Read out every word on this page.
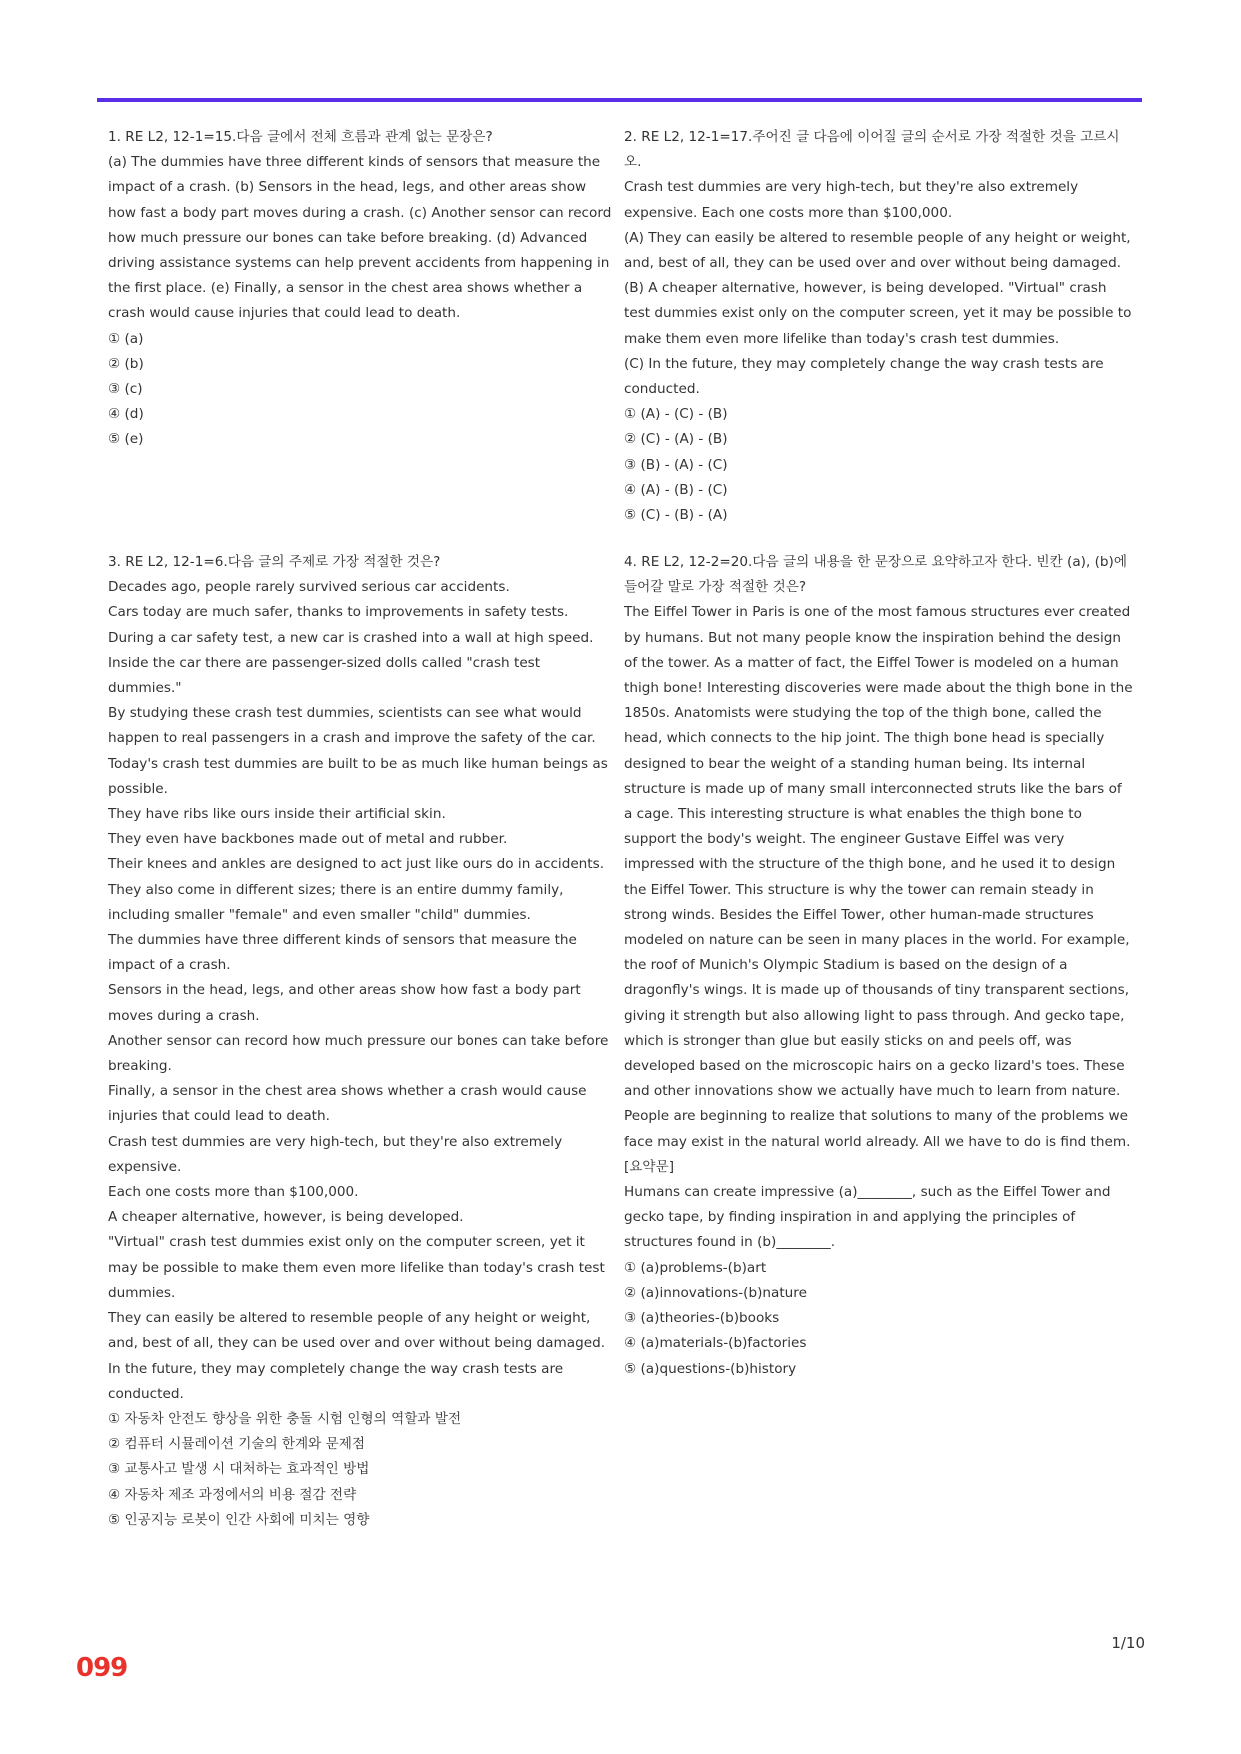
1. RE L2, 12-1=15.다음 글에서 전체 흐름과 관계 없는 문장은?

(a) The dummies have three different kinds of sensors that measure the impact of a crash. (b) Sensors in the head, legs, and other areas show how fast a body part moves during a crash. (c) Another sensor can record how much pressure our bones can take before breaking. (d) Advanced driving assistance systems can help prevent accidents from happening in the first place. (e) Finally, a sensor in the chest area shows whether a crash would cause injuries that could lead to death.

① (a)

② (b)

③ (c)

④ (d)

⑤ (e)

2. RE L2, 12-1=17.주어진 글 다음에 이어질 글의 순서로 가장 적절한 것을 고르시오.

Crash test dummies are very high-tech, but they're also extremely expensive. Each one costs more than $100,000.

(A) They can easily be altered to resemble people of any height or weight, and, best of all, they can be used over and over without being damaged.

(B) A cheaper alternative, however, is being developed. "Virtual" crash test dummies exist only on the computer screen, yet it may be possible to make them even more lifelike than today's crash test dummies.

(C) In the future, they may completely change the way crash tests are conducted.

① (A) - (C) - (B)

② (C) - (A) - (B)

③ (B) - (A) - (C)

④ (A) - (B) - (C)

⑤ (C) - (B) - (A)

3. RE L2, 12-1=6.다음 글의 주제로 가장 적절한 것은?

Decades ago, people rarely survived serious car accidents.

Cars today are much safer, thanks to improvements in safety tests.

During a car safety test, a new car is crashed into a wall at high speed.

Inside the car there are passenger-sized dolls called "crash test dummies."

By studying these crash test dummies, scientists can see what would happen to real passengers in a crash and improve the safety of the car.

Today's crash test dummies are built to be as much like human beings as possible.

They have ribs like ours inside their artificial skin.

They even have backbones made out of metal and rubber.

Their knees and ankles are designed to act just like ours do in accidents.

They also come in different sizes; there is an entire dummy family, including smaller "female" and even smaller "child" dummies.

The dummies have three different kinds of sensors that measure the impact of a crash.

Sensors in the head, legs, and other areas show how fast a body part moves during a crash.

Another sensor can record how much pressure our bones can take before breaking.

Finally, a sensor in the chest area shows whether a crash would cause injuries that could lead to death.

Crash test dummies are very high-tech, but they're also extremely expensive.

Each one costs more than $100,000.

A cheaper alternative, however, is being developed.

"Virtual" crash test dummies exist only on the computer screen, yet it may be possible to make them even more lifelike than today's crash test dummies.

They can easily be altered to resemble people of any height or weight, and, best of all, they can be used over and over without being damaged.

In the future, they may completely change the way crash tests are conducted.

① 자동차 안전도 향상을 위한 충돌 시험 인형의 역할과 발전

② 컴퓨터 시뮬레이션 기술의 한계와 문제점

③ 교통사고 발생 시 대처하는 효과적인 방법

④ 자동차 제조 과정에서의 비용 절감 전략

⑤ 인공지능 로봇이 인간 사회에 미치는 영향

4. RE L2, 12-2=20.다음 글의 내용을 한 문장으로 요약하고자 한다. 빈칸 (a), (b)에 들어갈 말로 가장 적절한 것은?

The Eiffel Tower in Paris is one of the most famous structures ever created by humans. But not many people know the inspiration behind the design of the tower. As a matter of fact, the Eiffel Tower is modeled on a human thigh bone! Interesting discoveries were made about the thigh bone in the 1850s. Anatomists were studying the top of the thigh bone, called the head, which connects to the hip joint. The thigh bone head is specially designed to bear the weight of a standing human being. Its internal structure is made up of many small interconnected struts like the bars of a cage. This interesting structure is what enables the thigh bone to support the body's weight. The engineer Gustave Eiffel was very impressed with the structure of the thigh bone, and he used it to design the Eiffel Tower. This structure is why the tower can remain steady in strong winds. Besides the Eiffel Tower, other human-made structures modeled on nature can be seen in many places in the world. For example, the roof of Munich's Olympic Stadium is based on the design of a dragonfly's wings. It is made up of thousands of tiny transparent sections, giving it strength but also allowing light to pass through. And gecko tape, which is stronger than glue but easily sticks on and peels off, was developed based on the microscopic hairs on a gecko lizard's toes. These and other innovations show we actually have much to learn from nature. People are beginning to realize that solutions to many of the problems we face may exist in the natural world already. All we have to do is find them.

[요약문]

Humans can create impressive (a)________, such as the Eiffel Tower and gecko tape, by finding inspiration in and applying the principles of structures found in (b)________.

① (a)problems-(b)art

② (a)innovations-(b)nature

③ (a)theories-(b)books

④ (a)materials-(b)factories

⑤ (a)questions-(b)history

1/10
099
